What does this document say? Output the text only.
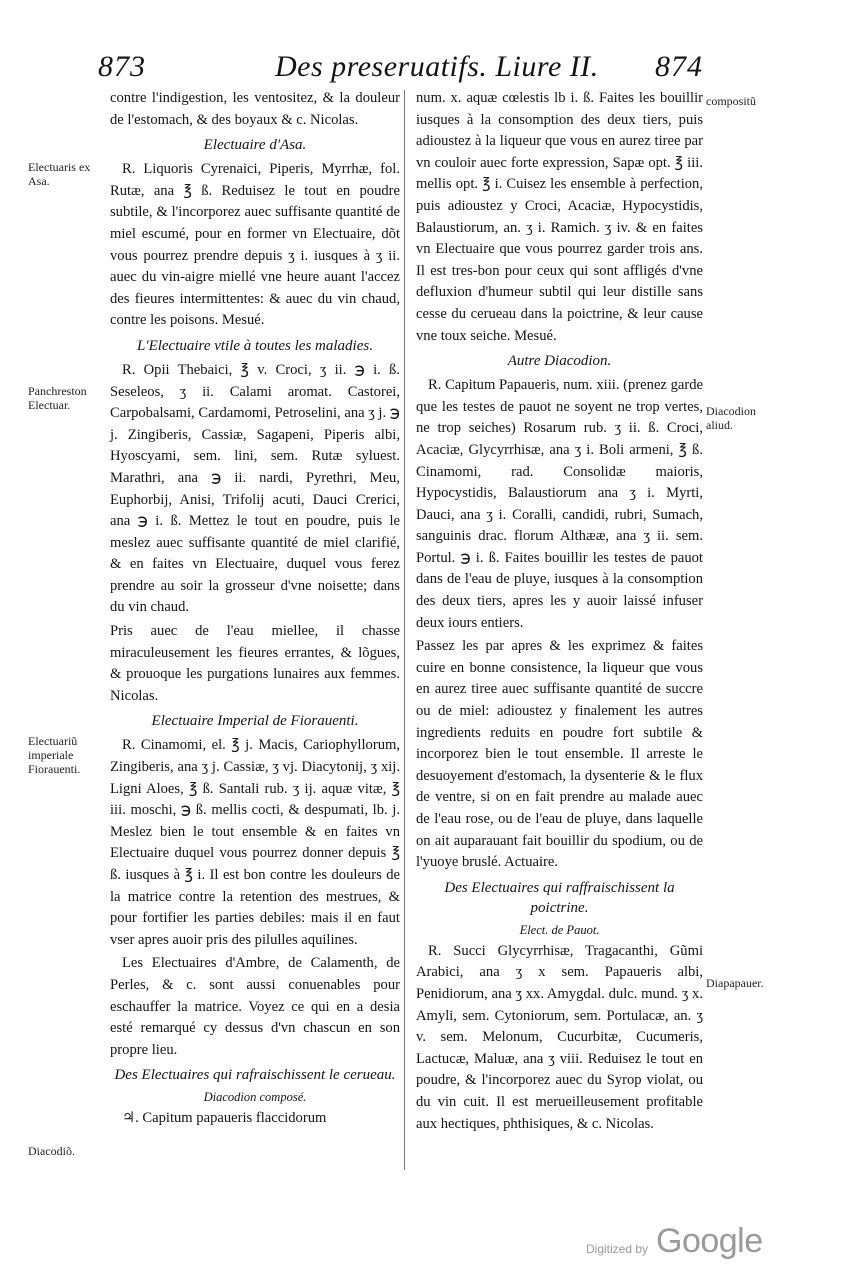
873	Des preseruatifs. Liure II. 874

contre l'indigestion, les ventositez, & la douleur de l'estomach, & des boyaux & c. Nicolas.

Electuaire d'Asa.

R. Liquoris Cyrenaici, Piperis, Myrrhæ, fol. Rutæ, ana ℥ ß. Reduisez le tout en poudre subtile, & l'incorporez auec suffisante quantité de miel escumé, pour en former vn Electuaire, dõt vous pourrez prendre depuis ʒ i. iusques à ʒ ii. auec du vin-aigre miellé vne heure auant l'accez des fieures intermittentes: & auec du vin chaud, contre les poisons. Mesué.

L'Electuaire vtile à toutes les maladies.

R. Opii Thebaici, ℥ v. Croci, ʒ ii. ℈ i. ß. Seseleos, ʒ ii. Calami aromat. Castorei, Carpobalsami, Cardamomi, Petroselini, ana ʒ j. ℈ j. Zingiberis, Cassiæ, Sagapeni, Piperis albi, Hyoscyami, sem. lini, sem. Rutæ syluest. Marathri, ana ℈ ii. nardi, Pyrethri, Meu, Euphorbij, Anisi, Trifolij acuti, Dauci Crerici, ana ℈ i. ß. Mettez le tout en poudre, puis le meslez auec suffisante quantité de miel clarifié, & en faites vn Electuaire, duquel vous ferez prendre au soir la grosseur d'vne noisette; dans du vin chaud.

Pris auec de l'eau miellee, il chasse miraculeusement les fieures errantes, & lõgues, & prouoque les purgations lunaires aux femmes. Nicolas.

Electuaire Imperial de Fiorauenti.

R. Cinamomi, el. ℥ j. Macis, Cariophyllorum, Zingiberis, ana ʒ j. Cassiæ, ʒ vj. Diacytonij, ʒ xij. Ligni Aloes, ℥ ß. Santali rub. ʒ ij. aquæ vitæ, ℥ iii. moschi, ℈ ß. mellis cocti, & despumati, lb. j. Meslez bien le tout ensemble & en faites vn Electuaire duquel vous pourrez donner depuis ℥ ß. iusques à ℥ i. Il est bon contre les douleurs de la matrice contre la retention des mestrues, & pour fortifier les parties debiles: mais il en faut vser apres auoir pris des pilulles aquilines.

Les Electuaires d'Ambre, de Calamenth, de Perles, & c. sont aussi conuenables pour eschauffer la matrice. Voyez ce qui en a desia esté remarqué cy dessus d'vn chascun en son propre lieu.

Des Electuaires qui rafraischissent le cerueau.
Diacodion composé.

♃. Capitum papaueris flaccidorum

num. x. aquæ cœlestis lb i. ß. Faites les bouillir iusques à la consomption des deux tiers, puis adioustez à la liqueur que vous en aurez tiree par vn couloir auec forte expression, Sapæ opt. ℥ iii. mellis opt. ℥ i. Cuisez les ensemble à perfection, puis adioustez y Croci, Acaciæ, Hypocystidis, Balaustiorum, an. ʒ i. Ramich. ʒ iv. & en faites vn Electuaire que vous pourrez garder trois ans. Il est tres-bon pour ceux qui sont affligés d'vne defluxion d'humeur subtil qui leur distille sans cesse du cerueau dans la poictrine, & leur cause vne toux seiche. Mesué.

Autre Diacodion.

R. Capitum Papaueris, num. xiii. (prenez garde que les testes de pauot ne soyent ne trop vertes, ne trop seiches) Rosarum rub. ʒ ii. ß. Croci, Acaciæ, Glycyrrhisæ, ana ʒ i. Boli armeni, ℥ ß. Cinamomi, rad. Consolidæ maioris, Hypocystidis, Balaustiorum ana ʒ i. Myrti, Dauci, ana ʒ i. Coralli, candidi, rubri, Sumach, sanguinis drac. florum Althææ, ana ʒ ii. sem. Portul. ℈ i. ß. Faites bouillir les testes de pauot dans de l'eau de pluye, iusques à la consomption des deux tiers, apres les y auoir laissé infuser deux iours entiers.

Passez les par apres & les exprimez & faites cuire en bonne consistence, la liqueur que vous en aurez tiree auec suffisante quantité de succre ou de miel: adioustez y finalement les autres ingredients reduits en poudre fort subtile & incorporez bien le tout ensemble. Il arreste le desuoyement d'estomach, la dysenterie & le flux de ventre, si on en fait prendre au malade auec de l'eau rose, ou de l'eau de pluye, dans laquelle on ait auparauant fait bouillir du spodium, ou de l'yuoye bruslé. Actuaire.

Des Electuaires qui raffraischissent la poictrine.
Elect. de Pauot.

R. Succi Glycyrrhisæ, Tragacanthi, Gũmi Arabici, ana ʒ x sem. Papaueris albi, Penidiorum, ana ʒ xx. Amygdal. dulc. mund. ʒ x. Amyli, sem. Cytoniorum, sem. Portulacæ, an. ʒ v. sem. Melonum, Cucurbitæ, Cucumeris, Lactucæ, Maluæ, ana ʒ viii. Reduisez le tout en poudre, & l'incorporez auec du Syrop violat, ou du vin cuit. Il est merueilleusement profitable aux hectiques, phthisiques, & c. Nicolas.

Electuaris ex Asa.
Panchreston Electuar.
Electuariũ imperiale Fiorauenti.
Diacodiõ.
compositũ
Diacodion aliud.
Diapapauer.
Digitized by Google
